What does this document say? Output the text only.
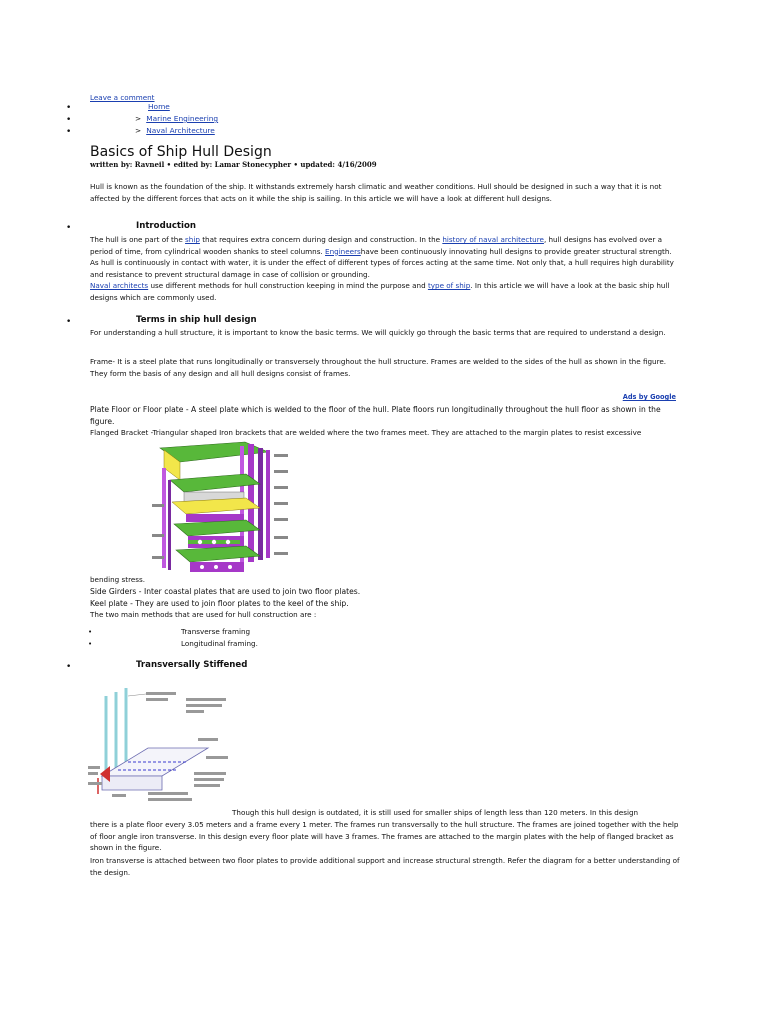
Leave a comment
•	Home
•	> Marine Engineering
•	> Naval Architecture
Basics of Ship Hull Design
written by: Ravneil • edited by: Lamar Stonecypher • updated: 4/16/2009
Hull is known as the foundation of the ship. It withstands extremely harsh climatic and weather conditions. Hull should be designed in such a way that it is not affected by the different forces that acts on it while the ship is sailing. In this article we will have a look at different hull designs.
•	Introduction
The hull is one part of the ship that requires extra concern during design and construction. In the history of naval architecture, hull designs has evolved over a period of time, from cylindrical wooden shanks to steel columns. Engineershave been continuously innovating hull designs to provide greater structural strength. As hull is continuously in contact with water, it is under the effect of different types of forces acting at the same time. Not only that, a hull requires high durability and resistance to prevent structural damage in case of collision or grounding.
Naval architects use different methods for hull construction keeping in mind the purpose and type of ship. In this article we will have a look at the basic ship hull designs which are commonly used.
•	Terms in ship hull design
For understanding a hull structure, it is important to know the basic terms. We will quickly go through the basic terms that are required to understand a design.
Frame- It is a steel plate that runs longitudinally or transversely throughout the hull structure. Frames are welded to the sides of the hull as shown in the figure. They form the basis of any design and all hull designs consist of frames.
Ads by Google
Plate Floor or Floor plate - A steel plate which is welded to the floor of the hull. Plate floors run longitudinally throughout the hull floor as shown in the figure.
Flanged Bracket -Triangular shaped Iron brackets that are welded where the two frames meet. They are attached to the margin plates to resist excessive
bending stress.
Side Girders - Inter coastal plates that are used to join two floor plates.
Keel plate - They are used to join floor plates to the keel of the ship.
The two main methods that are used for hull construction are :
•	Transverse framing
•	Longitudinal framing.
•	Transversally Stiffened
Though this hull design is outdated, it is still used for smaller ships of length less than 120 meters. In this design
there is a plate floor every 3.05 meters and a frame every 1 meter. The frames run transversally to the hull structure. The frames are joined together with the help of floor angle iron transverse. In this design every floor plate will have 3 frames. The frames are attached to the margin plates with the help of flanged bracket as shown in the figure.
Iron transverse is attached between two floor plates to provide additional support and increase structural strength. Refer the diagram for a better understanding of the design.
